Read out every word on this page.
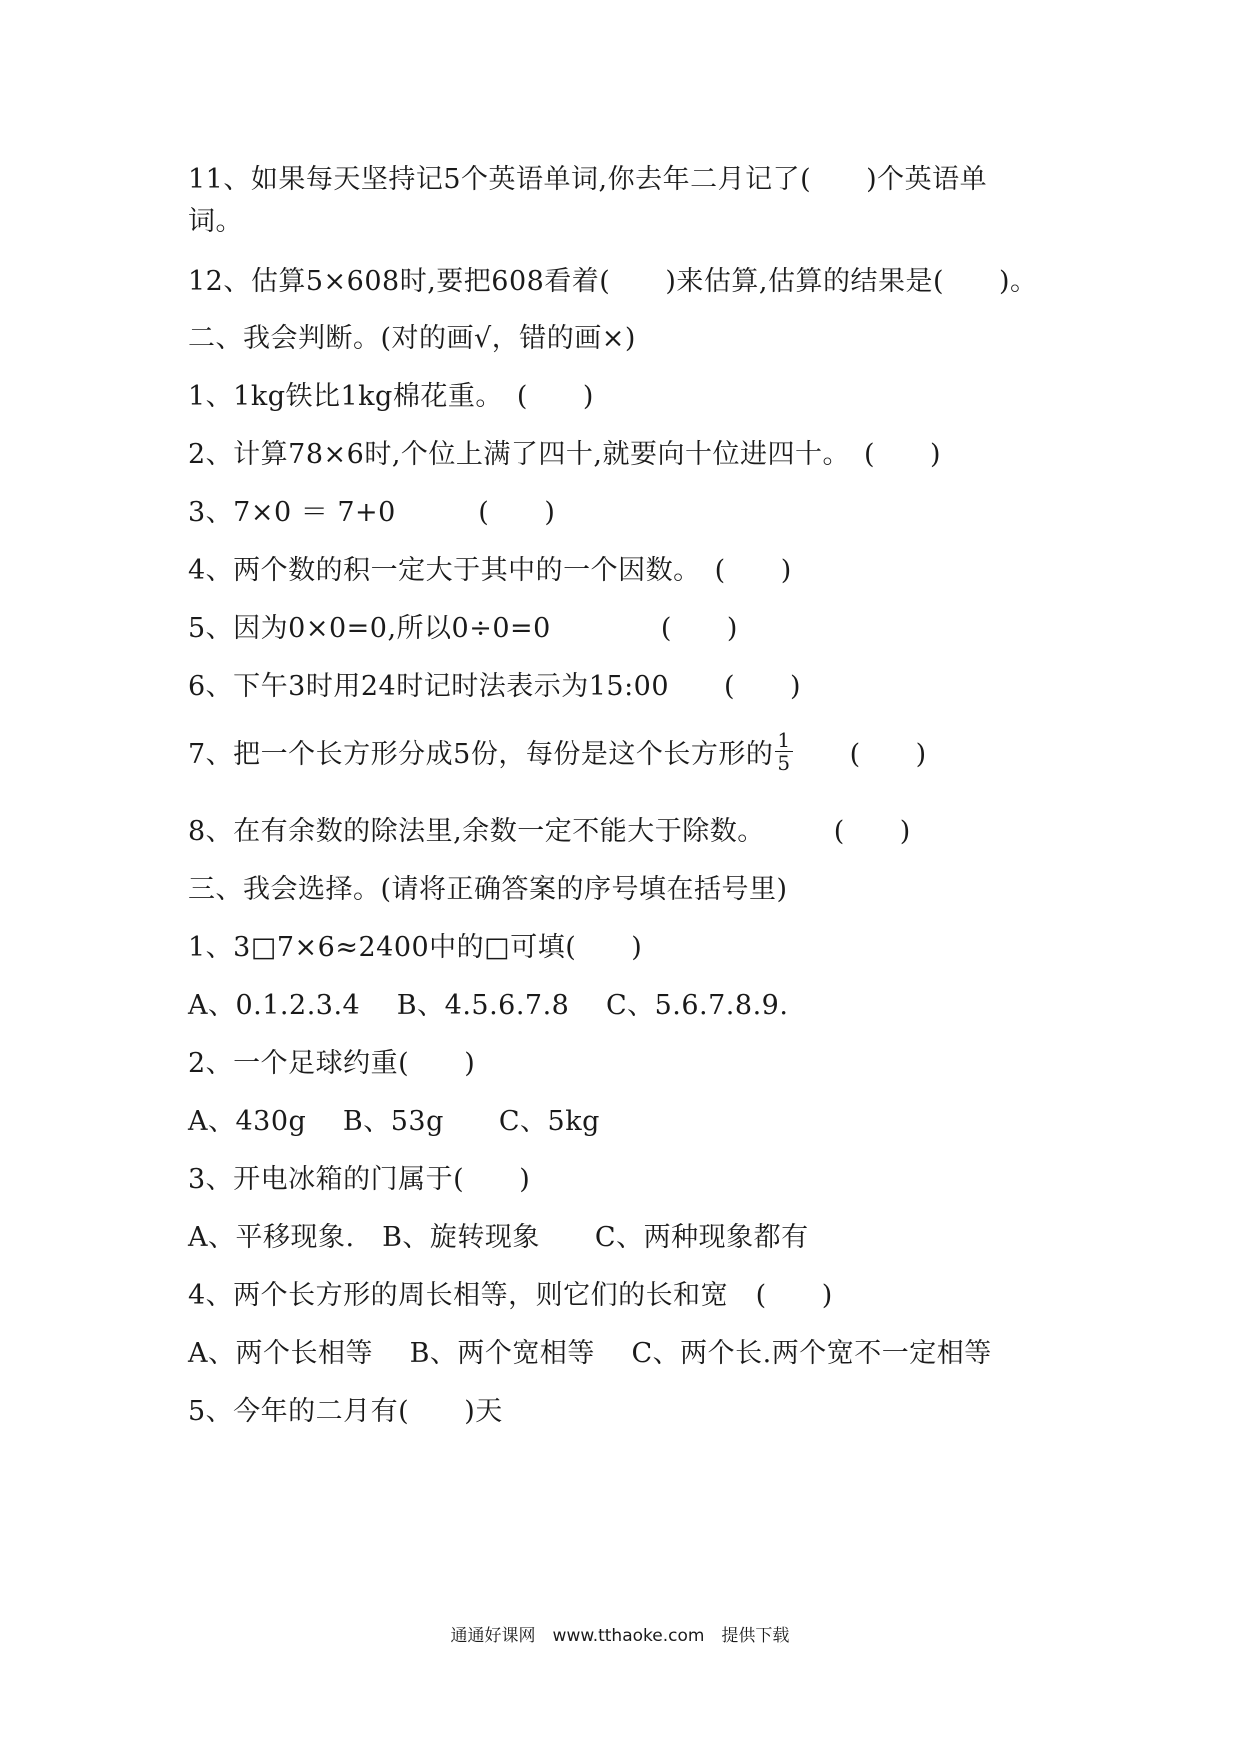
11、如果每天坚持记5个英语单词,你去年二月记了(　　)个英语单
词。
12、估算5×608时,要把608看着(　　)来估算,估算的结果是(　　)。
二、我会判断。(对的画√，错的画×)
1、1kg铁比1kg棉花重。　(　　)
2、计算78×6时,个位上满了四十,就要向十位进四十。　(　　)
3、7×0 ＝ 7+0　　　(　　)
4、两个数的积一定大于其中的一个因数。　(　　)
5、因为0×0=0,所以0÷0=0　　　　(　　)
6、下午3时用24时记时法表示为15:00　　(　　)
7、把一个长方形分成5份，每份是这个长方形的 $\frac{1}{5}$ 　　(　　)
8、在有余数的除法里,余数一定不能大于除数。　　　(　　)
三、我会选择。(请将正确答案的序号填在括号里)
1、3□7×6≈2400中的□可填(　　)
A、0.1.2.3.4　 B、4.5.6.7.8　 C、5.6.7.8.9.
2、一个足球约重(　　)
A、430g　 B、53g　　C、5kg
3、开电冰箱的门属于(　　)
A、平移现象.　B、旋转现象　　C、两种现象都有
4、两个长方形的周长相等，则它们的长和宽　(　　)
A、两个长相等　 B、两个宽相等　 C、两个长.两个宽不一定相等
5、今年的二月有(　　)天
通通好课网　www.tthaoke.com　提供下载
